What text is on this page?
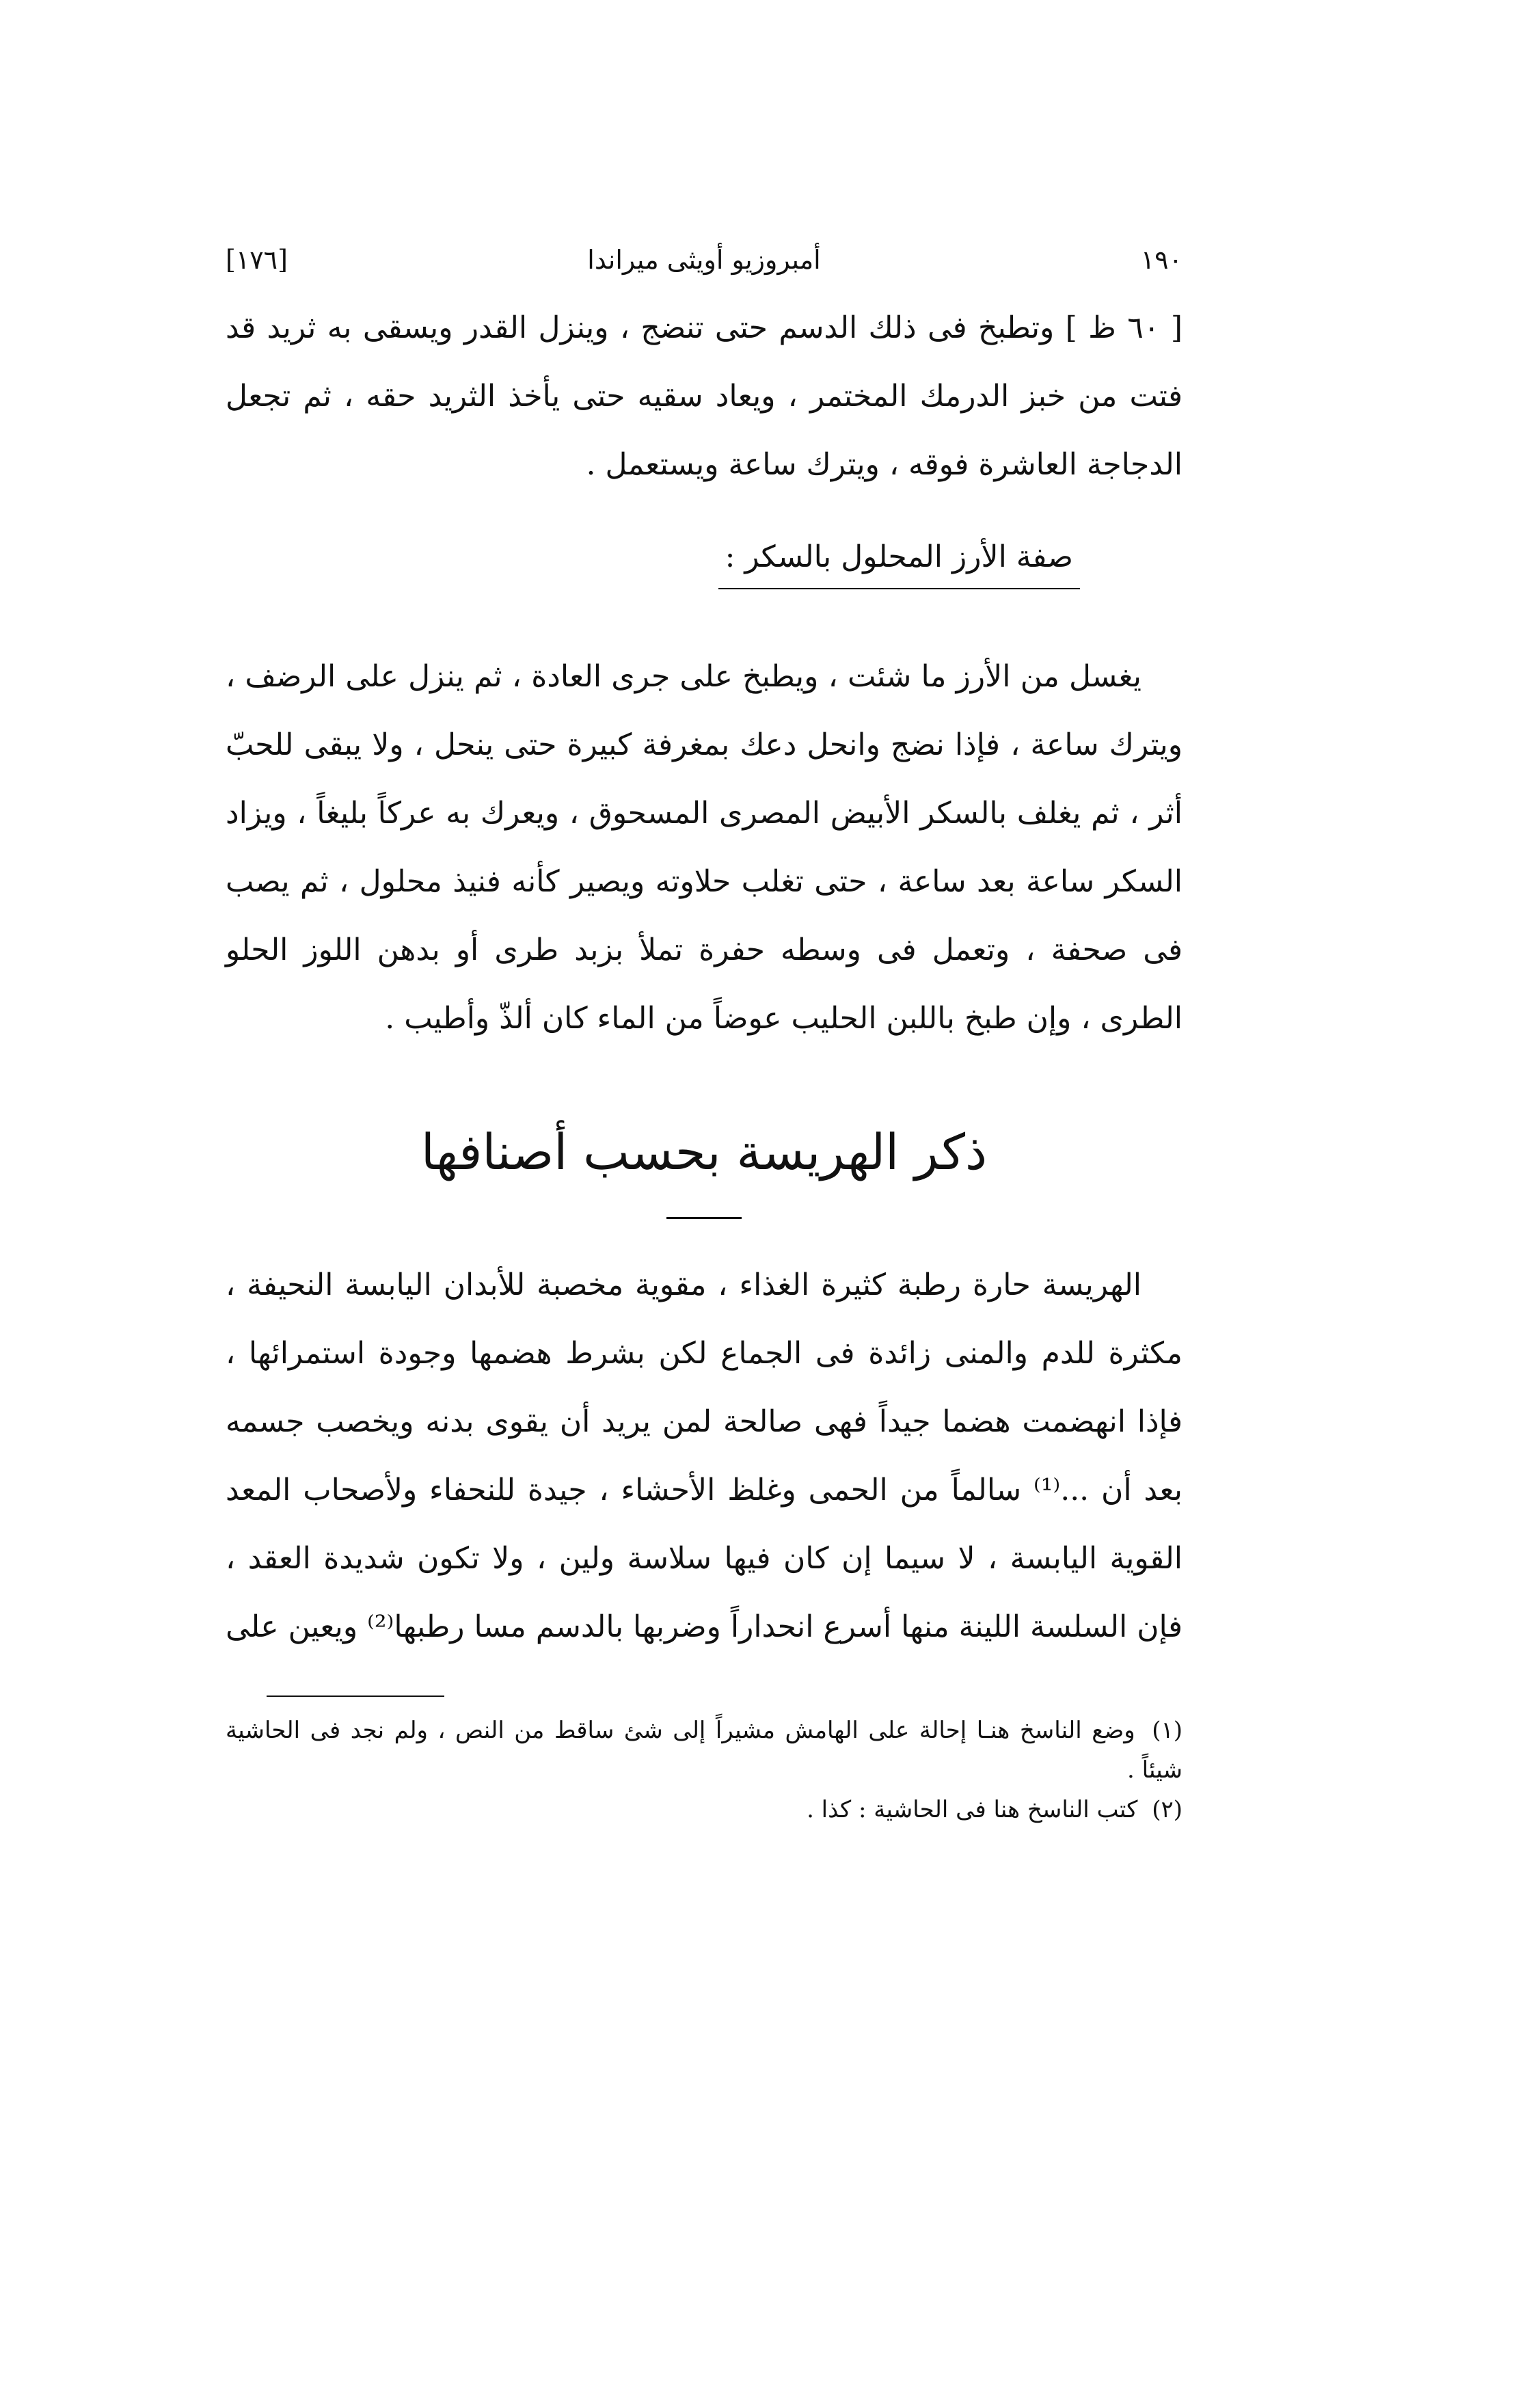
١٩٠
أمبروزيو أويثى ميراندا
[١٧٦]

[ ٦٠ ظ ] وتطبخ فى ذلك الدسم حتى تنضج ، وينزل القدر ويسقى به ثريد قد فتت من خبز الدرمك المختمر ، ويعاد سقيه حتى يأخذ الثريد حقه ، ثم تجعل الدجاجة العاشرة فوقه ، ويترك ساعة ويستعمل .

صفة الأرز المحلول بالسكر :

يغسل من الأرز ما شئت ، ويطبخ على جرى العادة ، ثم ينزل على الرضف ، ويترك ساعة ، فإذا نضج وانحل دعك بمغرفة كبيرة حتى ينحل ، ولا يبقى للحبّ أثر ، ثم يغلف بالسكر الأبيض المصرى المسحوق ، ويعرك به عركاً بليغاً ، ويزاد السكر ساعة بعد ساعة ، حتى تغلب حلاوته ويصير كأنه فنيذ محلول ، ثم يصب فى صحفة ، وتعمل فى وسطه حفرة تملأ بزبد طرى أو بدهن اللوز الحلو الطرى ، وإن طبخ باللبن الحليب عوضاً من الماء كان ألذّ وأطيب .

ذكر الهريسة بحسب أصنافها

الهريسة حارة رطبة كثيرة الغذاء ، مقوية مخصبة للأبدان اليابسة النحيفة ، مكثرة للدم والمنى زائدة فى الجماع لكن بشرط هضمها وجودة استمرائها ، فإذا انهضمت هضما جيداً فهى صالحة لمن يريد أن يقوى بدنه ويخصب جسمه بعد أن ...⁽¹⁾ سالماً من الحمى وغلظ الأحشاء ، جيدة للنحفاء ولأصحاب المعد القوية اليابسة ، لا سيما إن كان فيها سلاسة ولين ، ولا تكون شديدة العقد ، فإن السلسة اللينة منها أسرع انحداراً وضربها بالدسم مسا رطبها⁽²⁾ ويعين على

(١) وضع الناسخ هنـا إحالة على الهامش مشيراً إلى شئ ساقط من النص ، ولم نجد فى الحاشية شيئاً .

(٢) كتب الناسخ هنا فى الحاشية : كذا .
